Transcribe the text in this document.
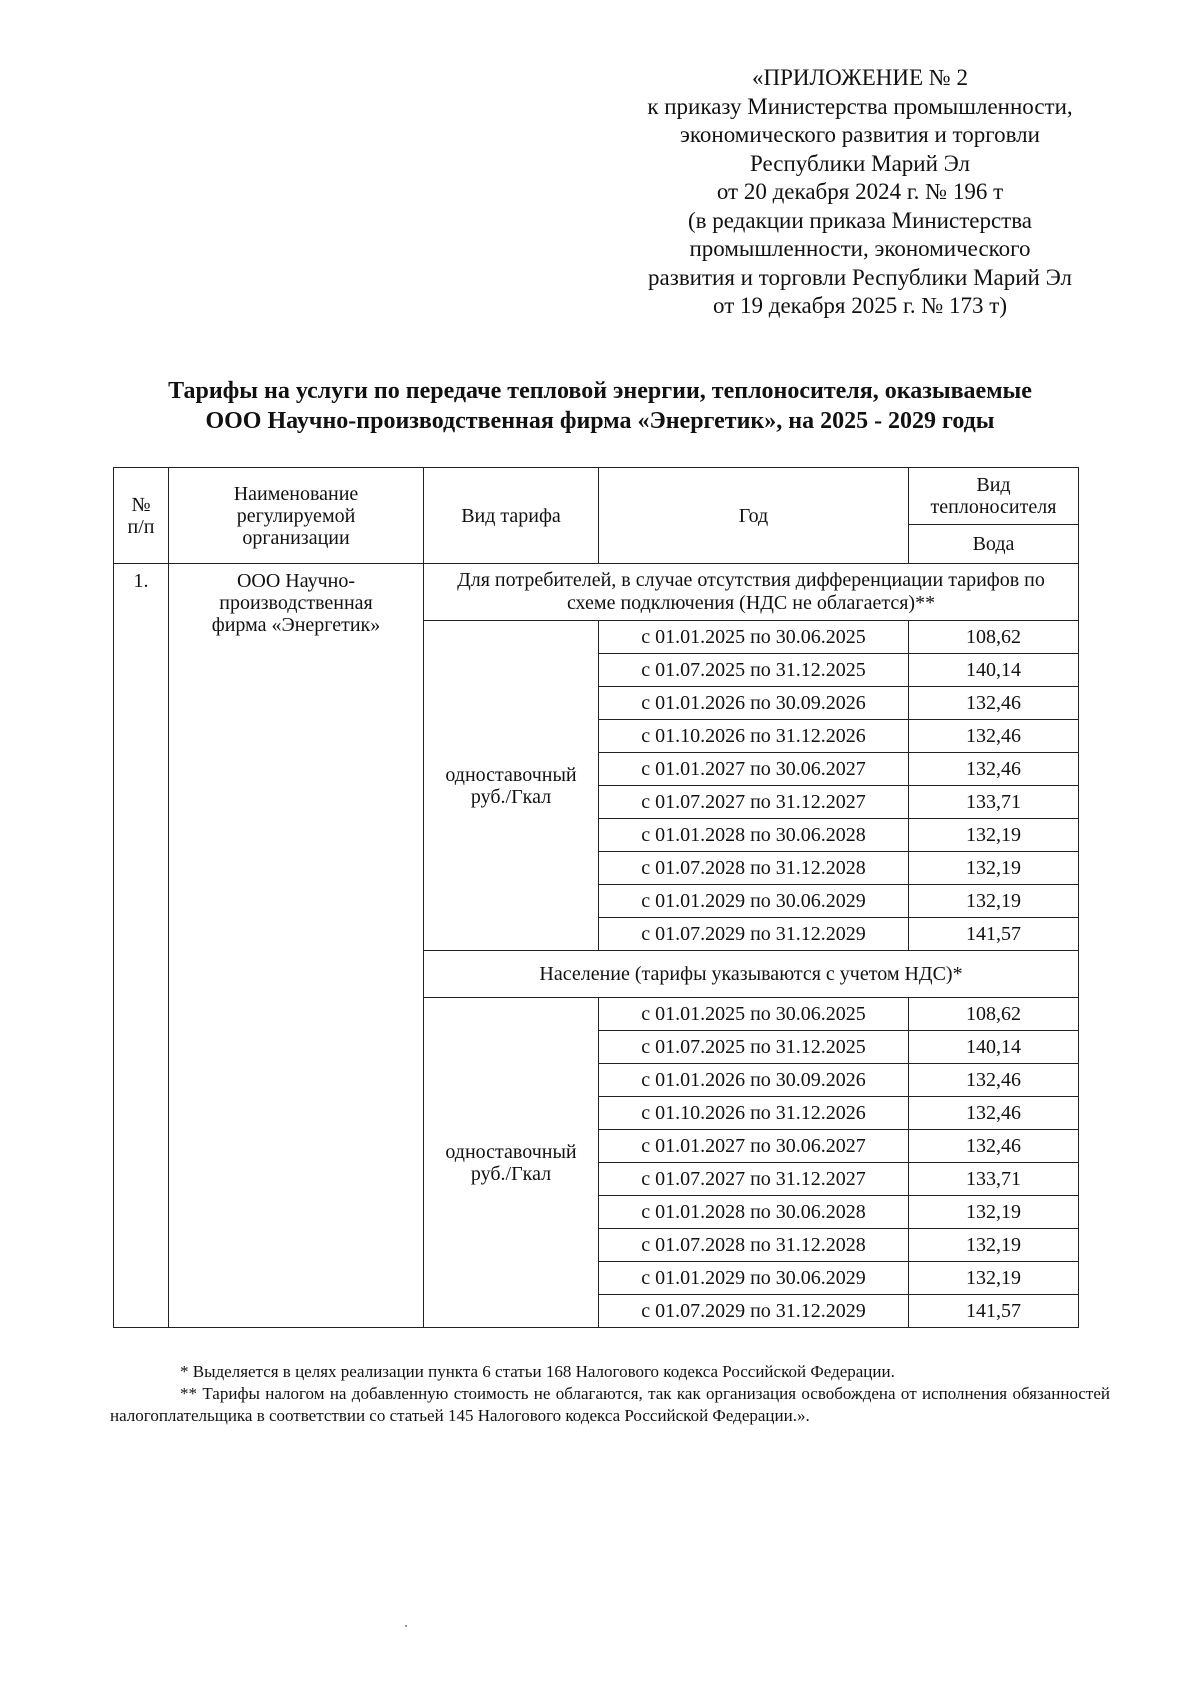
«ПРИЛОЖЕНИЕ № 2
к приказу Министерства промышленности,
экономического развития и торговли
Республики Марий Эл
от 20 декабря 2024 г. № 196 т
(в редакции приказа Министерства
промышленности, экономического
развития и торговли Республики Марий Эл
от 19 декабря 2025 г. № 173 т)
Тарифы на услуги по передаче тепловой энергии, теплоносителя, оказываемые
ООО Научно-производственная фирма «Энергетик», на 2025 - 2029 годы
№ п/п	Наименование регулируемой организации	Вид тарифа	Год	Вид теплоносителя
				Вода
1.	ООО Научно-производственная фирма «Энергетик»	Для потребителей, в случае отсутствия дифференциации тарифов по схеме подключения (НДС не облагается)**		
		одноставочный руб./Гкал	с 01.01.2025 по 30.06.2025	108,62
			с 01.07.2025 по 31.12.2025	140,14
			с 01.01.2026 по 30.09.2026	132,46
			с 01.10.2026 по 31.12.2026	132,46
			с 01.01.2027 по 30.06.2027	132,46
			с 01.07.2027 по 31.12.2027	133,71
			с 01.01.2028 по 30.06.2028	132,19
			с 01.07.2028 по 31.12.2028	132,19
			с 01.01.2029 по 30.06.2029	132,19
			с 01.07.2029 по 31.12.2029	141,57
		Население (тарифы указываются с учетом НДС)*		
		одноставочный руб./Гкал	с 01.01.2025 по 30.06.2025	108,62
			с 01.07.2025 по 31.12.2025	140,14
			с 01.01.2026 по 30.09.2026	132,46
			с 01.10.2026 по 31.12.2026	132,46
			с 01.01.2027 по 30.06.2027	132,46
			с 01.07.2027 по 31.12.2027	133,71
			с 01.01.2028 по 30.06.2028	132,19
			с 01.07.2028 по 31.12.2028	132,19
			с 01.01.2029 по 30.06.2029	132,19
			с 01.07.2029 по 31.12.2029	141,57
* Выделяется в целях реализации пункта 6 статьи 168 Налогового кодекса Российской Федерации.
** Тарифы налогом на добавленную стоимость не облагаются, так как организация освобождена от исполнения обязанностей налогоплательщика в соответствии со статьей 145 Налогового кодекса Российской Федерации.».
